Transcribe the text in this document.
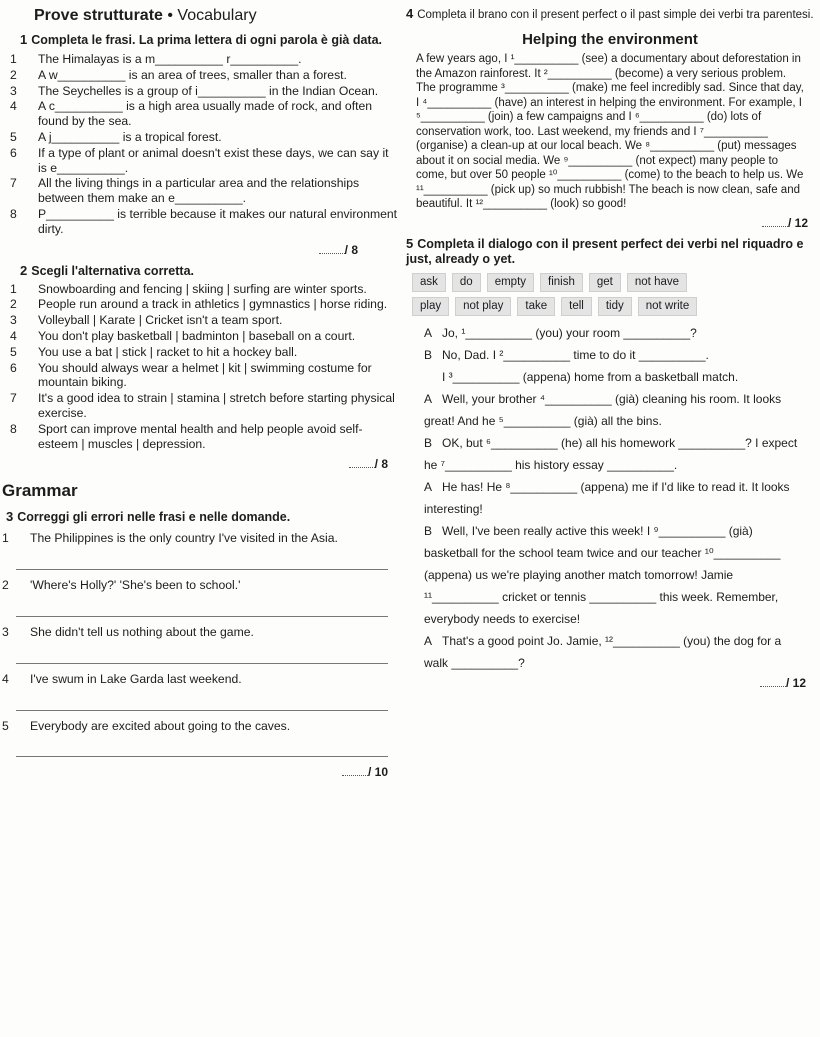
Prove strutturate • Vocabulary
1 Completa le frasi. La prima lettera di ogni parola è già data.
1 The Himalayas is a m__________ r__________.
2 A w__________ is an area of trees, smaller than a forest.
3 The Seychelles is a group of i__________ in the Indian Ocean.
4 A c__________ is a high area usually made of rock, and often found by the sea.
5 A j__________ is a tropical forest.
6 If a type of plant or animal doesn't exist these days, we can say it is e__________.
7 All the living things in a particular area and the relationships between them make an e__________.
8 P__________ is terrible because it makes our natural environment dirty.
/ 8
2 Scegli l'alternativa corretta.
1 Snowboarding and fencing | skiing | surfing are winter sports.
2 People run around a track in athletics | gymnastics | horse riding.
3 Volleyball | Karate | Cricket isn't a team sport.
4 You don't play basketball | badminton | baseball on a court.
5 You use a bat | stick | racket to hit a hockey ball.
6 You should always wear a helmet | kit | swimming costume for mountain biking.
7 It's a good idea to strain | stamina | stretch before starting physical exercise.
8 Sport can improve mental health and help people avoid self-esteem | muscles | depression.
/ 8
Grammar
3 Correggi gli errori nelle frasi e nelle domande.
1 The Philippines is the only country I've visited in the Asia.
2 'Where's Holly?' 'She's been to school.'
3 She didn't tell us nothing about the game.
4 I've swum in Lake Garda last weekend.
5 Everybody are excited about going to the caves.
/ 10
4 Completa il brano con il present perfect o il past simple dei verbi tra parentesi.
Helping the environment
A few years ago, I ¹__________ (see) a documentary about deforestation in the Amazon rainforest. It ²__________ (become) a very serious problem. The programme ³__________ (make) me feel incredibly sad. Since that day, I ⁴__________ (have) an interest in helping the environment. For example, I ⁵__________ (join) a few campaigns and I ⁶__________ (do) lots of conservation work, too. Last weekend, my friends and I ⁷__________ (organise) a clean-up at our local beach. We ⁸__________ (put) messages about it on social media. We ⁹__________ (not expect) many people to come, but over 50 people ¹⁰__________ (come) to the beach to help us. We ¹¹__________ (pick up) so much rubbish! The beach is now clean, safe and beautiful. It ¹²__________ (look) so good!
/ 12
5 Completa il dialogo con il present perfect dei verbi nel riquadro e just, already o yet.
ask	do	empty	finish	get	not have
play	not play	take	tell	tidy	not write
A Jo, ¹__________ (you) your room __________?
B No, Dad. I ²__________ time to do it __________.
I ³__________ (appena) home from a basketball match.
A Well, your brother ⁴__________ (già) cleaning his room. It looks great! And he ⁵__________ (già) all the bins.
B OK, but ⁶__________ (he) all his homework __________? I expect he ⁷__________ his history essay __________.
A He has! He ⁸__________ (appena) me if I'd like to read it. It looks interesting!
B Well, I've been really active this week! I ⁹__________ (già) basketball for the school team twice and our teacher ¹⁰__________ (appena) us we're playing another match tomorrow! Jamie ¹¹__________ cricket or tennis __________ this week. Remember, everybody needs to exercise!
A That's a good point Jo. Jamie, ¹²__________ (you) the dog for a walk __________?
/ 12
